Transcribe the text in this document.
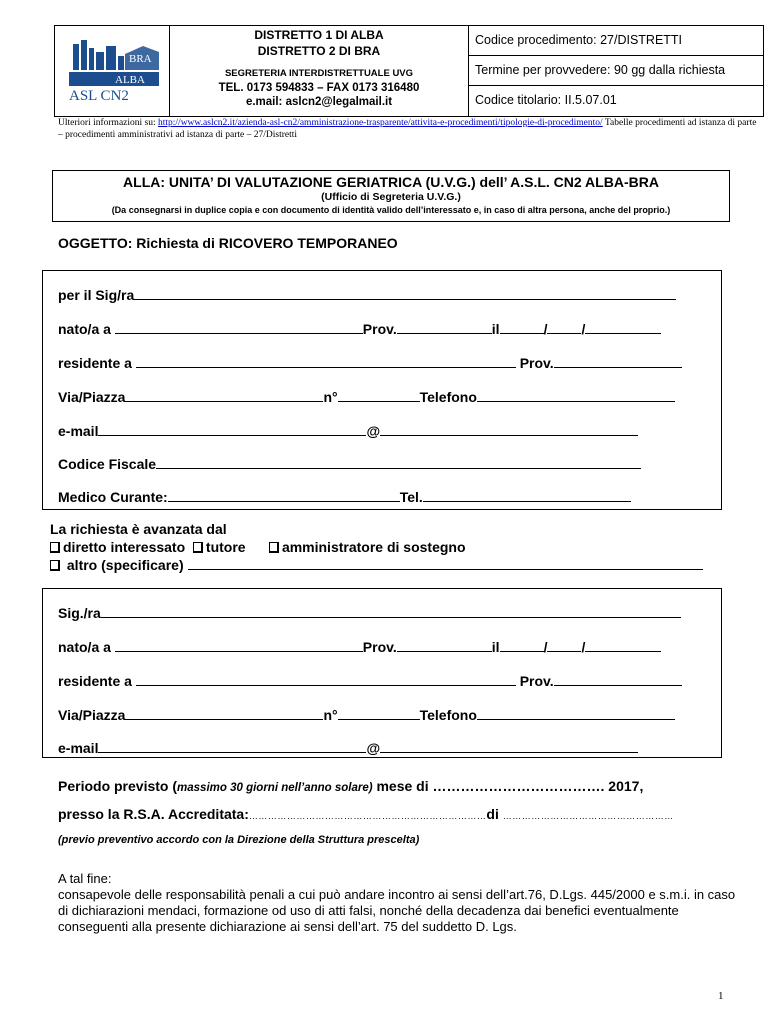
BRA
ALBA
ASL CN2
DISTRETTO 1 DI ALBA
DISTRETTO 2 DI BRA
SEGRETERIA INTERDISTRETTUALE UVG
TEL. 0173 594833 – FAX 0173 316480
e.mail: aslcn2@legalmail.it
Codice procedimento: 27/DISTRETTI
Termine per provvedere: 90 gg dalla richiesta
Codice titolario: II.5.07.01
Ulteriori informazioni su: http://www.aslcn2.it/azienda-asl-cn2/amministrazione-trasparente/attivita-e-procedimenti/tipologie-di-procedimento/ Tabelle procedimenti ad istanza di parte – procedimenti amministrativi ad istanza di parte – 27/Distretti
ALLA: UNITA’ DI VALUTAZIONE GERIATRICA (U.V.G.) dell’ A.S.L. CN2 ALBA-BRA
(Ufficio di Segreteria U.V.G.)
(Da consegnarsi in duplice copia e con documento di identità valido dell’interessato e, in caso di altra persona, anche del proprio.)
OGGETTO: Richiesta di RICOVERO TEMPORANEO
per il Sig/ra
nato/a a	Prov.	il	/ /
residente a	Prov.
Via/Piazza	n°	Telefono
e-mail	@
Codice Fiscale
Medico Curante:	Tel.
La richiesta è avanzata dal
diretto interessato tutore	amministratore di sostegno
altro (specificare)
Sig./ra
nato/a a	Prov.	il	/ /
residente a	Prov.
Via/Piazza	n°	Telefono
e-mail	@
Periodo previsto (massimo 30 giorni nell’anno solare) mese di ………………………………. 2017,
presso la R.S.A. Accreditata:…………………………………………………………………di ………………………………………………
(previo preventivo accordo con la Direzione della Struttura prescelta)
A tal fine:
consapevole delle responsabilità penali a cui può andare incontro ai sensi dell’art.76, D.Lgs. 445/2000 e s.m.i. in caso di dichiarazioni mendaci, formazione od uso di atti falsi, nonché della decadenza dai benefici eventualmente conseguenti alla presente dichiarazione ai sensi dell’art. 75 del suddetto D. Lgs.
1
